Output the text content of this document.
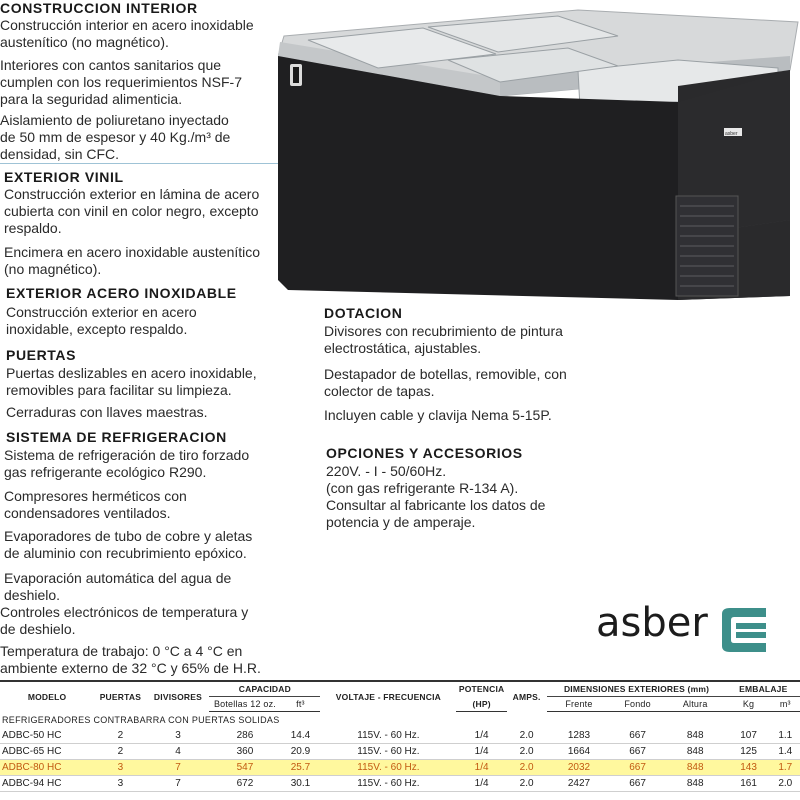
CONSTRUCCION INTERIOR
Construcción interior en acero inoxidable
austenítico (no magnético).
Interiores con cantos sanitarios que
cumplen con los requerimientos NSF-7
para la seguridad alimenticia.
Aislamiento de poliuretano inyectado
de 50 mm de espesor y 40 Kg./m³ de
densidad, sin CFC.
EXTERIOR VINIL
Construcción exterior en lámina de acero
cubierta con vinil en color negro, excepto
respaldo.
Encimera en acero inoxidable austenítico
(no magnético).
EXTERIOR ACERO INOXIDABLE
Construcción exterior en acero
inoxidable, excepto respaldo.
PUERTAS
Puertas deslizables en acero inoxidable,
removibles para facilitar su limpieza.
Cerraduras con llaves maestras.
SISTEMA DE REFRIGERACION
Sistema de refrigeración de tiro forzado
gas refrigerante ecológico R290.
Compresores herméticos con
condensadores ventilados.
Evaporadores de tubo de cobre y aletas
de aluminio con recubrimiento epóxico.
Evaporación automática del agua de
deshielo.
Controles electrónicos de temperatura y
de deshielo.
Temperatura de trabajo: 0 °C a 4 °C en
ambiente externo de 32 °C y 65% de H.R.
DOTACION
Divisores con recubrimiento de pintura
electrostática, ajustables.
Destapador de botellas, removible, con
colector de tapas.
Incluyen cable y clavija Nema 5-15P.
OPCIONES Y ACCESORIOS
220V. - I - 50/60Hz.
(con gas refrigerante R-134 A).
Consultar al fabricante los datos de
potencia y de amperaje.
asber
asber
MODELO	PUERTAS	DIVISORES	CAPACIDAD		VOLTAJE - FRECUENCIA	POTENCIA	AMPS.	DIMENSIONES EXTERIORES (mm)			EMBALAJE	
			Botellas 12 oz.	ft³		(HP)		Frente	Fondo	Altura	Kg	m³
REFRIGERADORES CONTRABARRA CON PUERTAS SOLIDAS												
ADBC-50 HC	2	3	286	14.4	115V. - 60 Hz.	1/4	2.0	1283	667	848	107	1.1
ADBC-65 HC	2	4	360	20.9	115V. - 60 Hz.	1/4	2.0	1664	667	848	125	1.4
ADBC-80 HC	3	7	547	25.7	115V. - 60 Hz.	1/4	2.0	2032	667	848	143	1.7
ADBC-94 HC	3	7	672	30.1	115V. - 60 Hz.	1/4	2.0	2427	667	848	161	2.0
